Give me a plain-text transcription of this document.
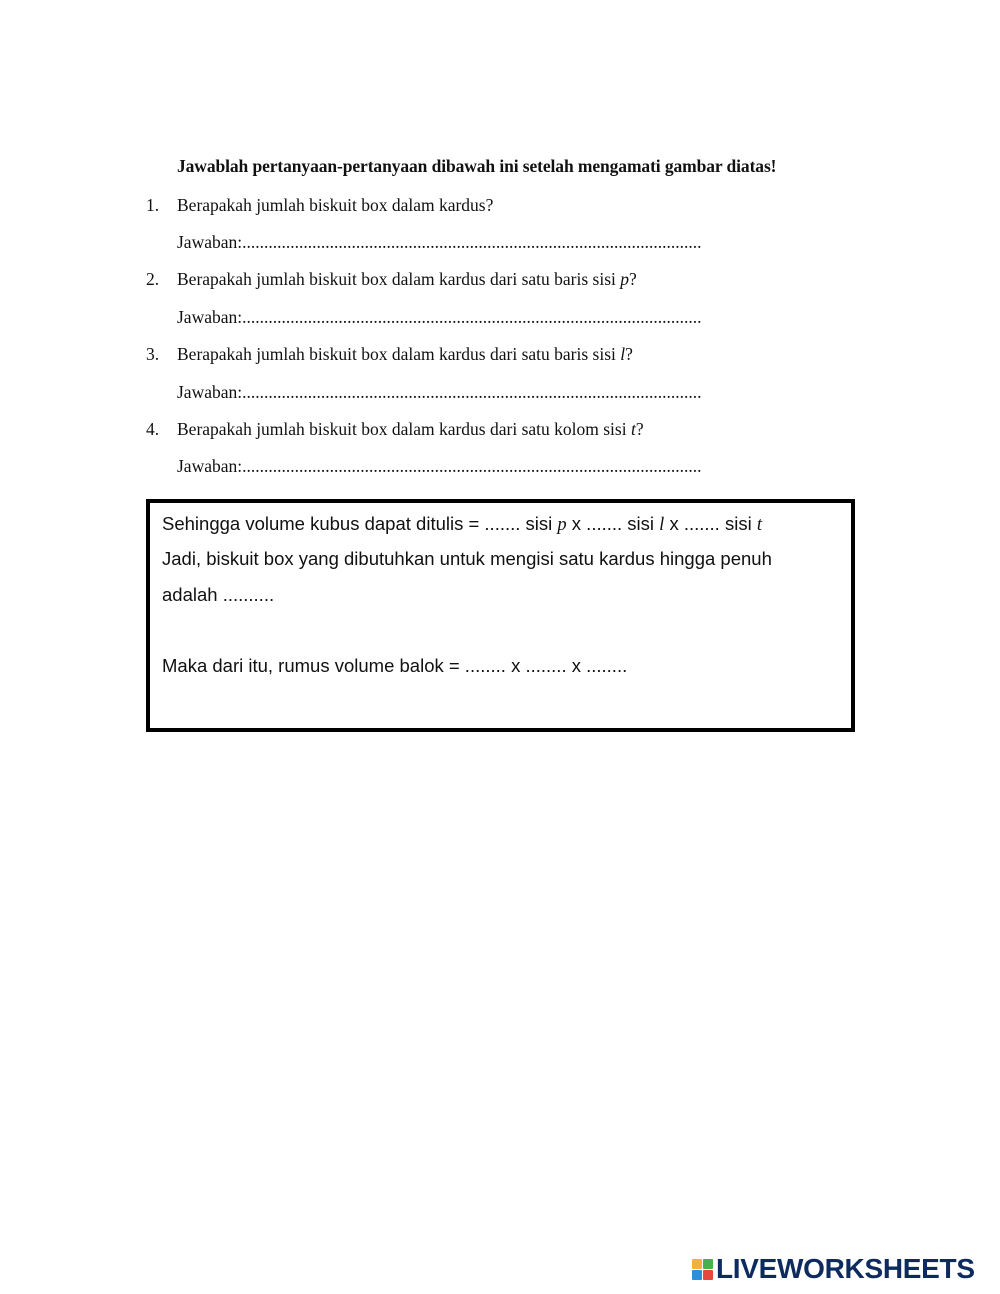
Jawablah pertanyaan-pertanyaan dibawah ini setelah mengamati gambar diatas!
1. Berapakah jumlah biskuit box dalam kardus?
Jawaban:.........................................................................................................
2. Berapakah jumlah biskuit box dalam kardus dari satu baris sisi p?
Jawaban:.........................................................................................................
3. Berapakah jumlah biskuit box dalam kardus dari satu baris sisi l?
Jawaban:.........................................................................................................
4. Berapakah jumlah biskuit box dalam kardus dari satu kolom sisi t?
Jawaban:.........................................................................................................
Sehingga volume kubus dapat ditulis = ....... sisi p x ....... sisi l x ....... sisi t
Jadi, biskuit box yang dibutuhkan untuk mengisi satu kardus hingga penuh
adalah ..........
Maka dari itu, rumus volume balok = ........ x ........ x ........
LIVEWORKSHEETS
